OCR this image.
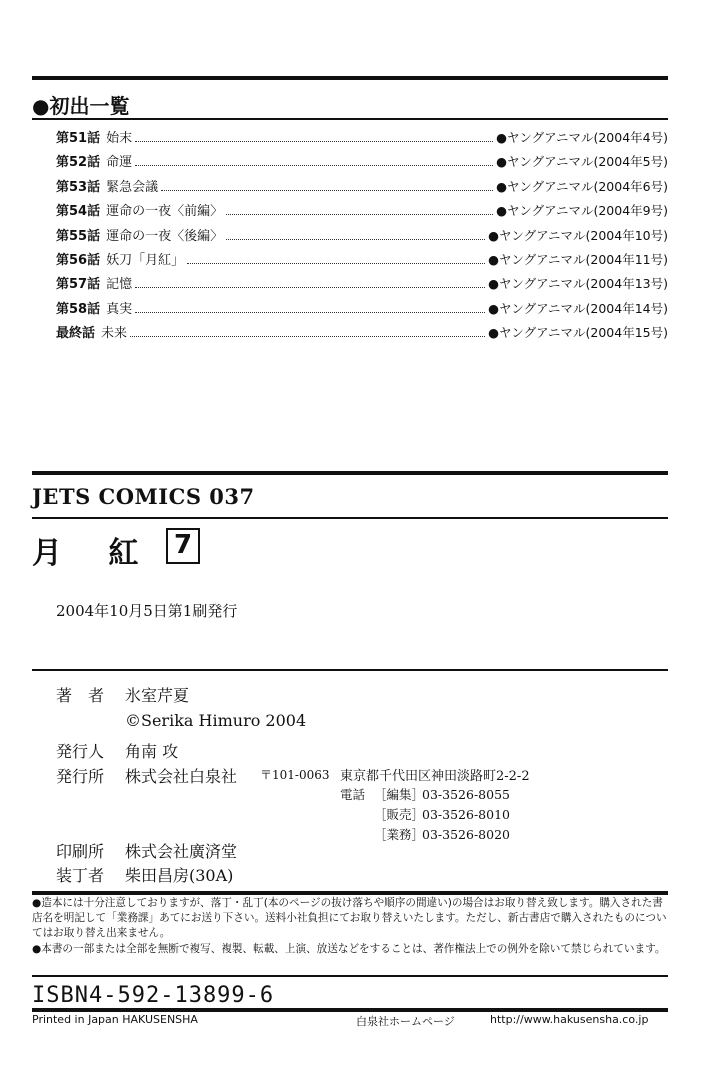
●初出一覧
第51話 始末	●ヤングアニマル(2004年4号)
第52話 命運	●ヤングアニマル(2004年5号)
第53話 緊急会議	●ヤングアニマル(2004年6号)
第54話 運命の一夜〈前編〉	●ヤングアニマル(2004年9号)
第55話 運命の一夜〈後編〉	●ヤングアニマル(2004年10号)
第56話 妖刀「月紅」	●ヤングアニマル(2004年11号)
第57話 記憶	●ヤングアニマル(2004年13号)
第58話 真実	●ヤングアニマル(2004年14号)
最終話 未来	●ヤングアニマル(2004年15号)
JETS COMICS 037
月 紅 7
2004年10月5日第1刷発行
著　者 氷室芹夏
©Serika Himuro 2004
発行人 角南 攻
発行所 株式会社白泉社 〒101-0063 東京都千代田区神田淡路町2-2-2
電話 ［編集］03-3526-8055
［販売］03-3526-8010
［業務］03-3526-8020
印刷所 株式会社廣済堂
装丁者 柴田昌房(30A)

●造本には十分注意しておりますが、落丁・乱丁(本のページの抜け落ちや順序の間違い)の場合はお取り替え致します。購入された書店名を明記して「業務課」あてにお送り下さい。送料小社負担にてお取り替えいたします。ただし、新古書店で購入されたものについてはお取り替え出来ません。

●本書の一部または全部を無断で複写、複製、転載、上演、放送などをすることは、著作権法上での例外を除いて禁じられています。

ISBN4-592-13899-6
Printed in Japan HAKUSENSHA	白泉社ホームページ	http://www.hakusensha.co.jp
